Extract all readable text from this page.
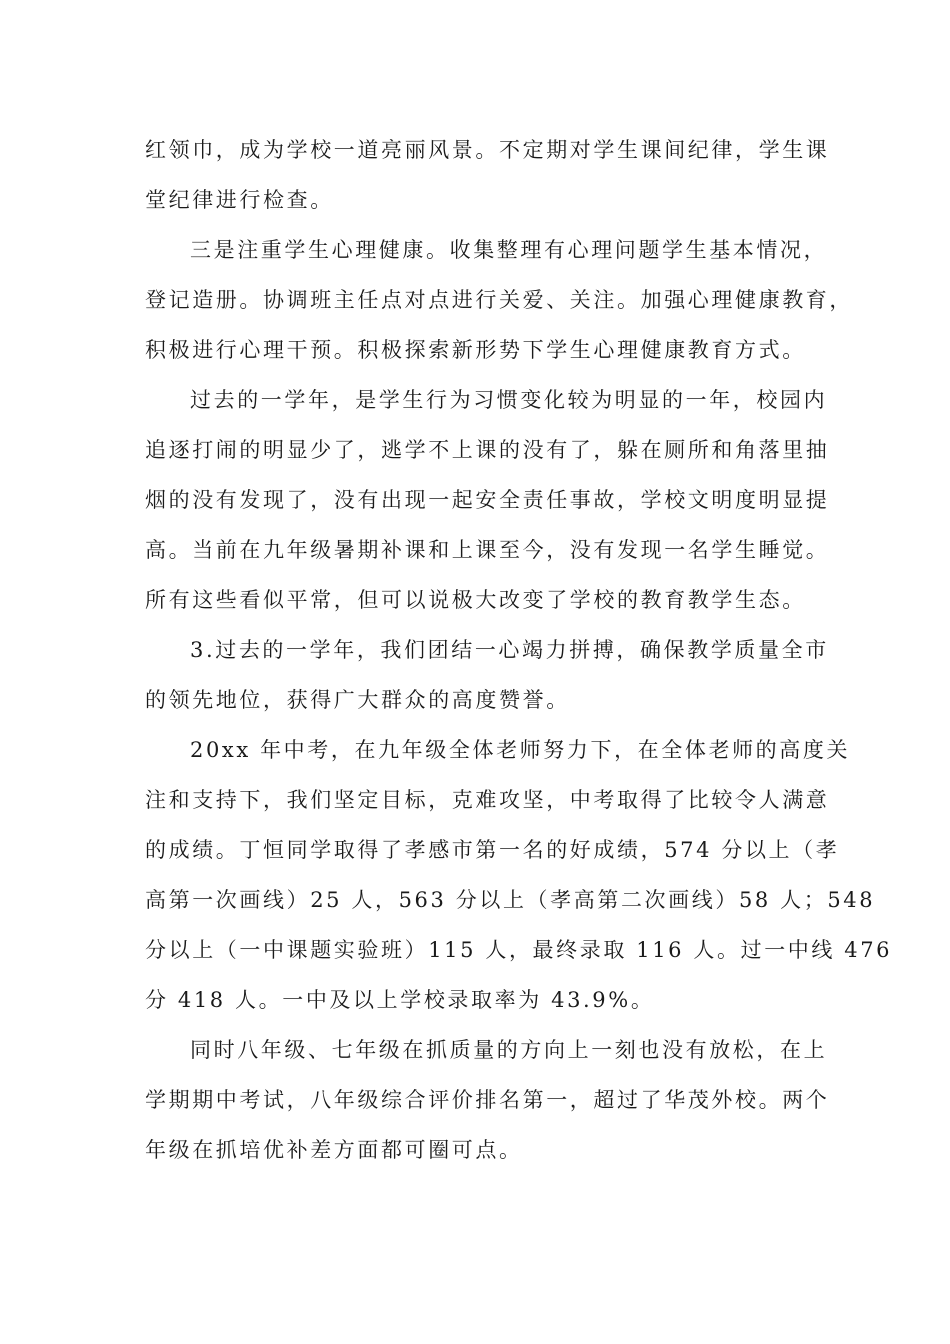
红领巾，成为学校一道亮丽风景。不定期对学生课间纪律，学生课
堂纪律进行检查。
三是注重学生心理健康。收集整理有心理问题学生基本情况，
登记造册。协调班主任点对点进行关爱、关注。加强心理健康教育，
积极进行心理干预。积极探索新形势下学生心理健康教育方式。
过去的一学年，是学生行为习惯变化较为明显的一年，校园内
追逐打闹的明显少了，逃学不上课的没有了，躲在厕所和角落里抽
烟的没有发现了，没有出现一起安全责任事故，学校文明度明显提
高。当前在九年级暑期补课和上课至今，没有发现一名学生睡觉。
所有这些看似平常，但可以说极大改变了学校的教育教学生态。
3.过去的一学年，我们团结一心竭力拼搏，确保教学质量全市
的领先地位，获得广大群众的高度赞誉。
20xx 年中考，在九年级全体老师努力下，在全体老师的高度关
注和支持下，我们坚定目标，克难攻坚，中考取得了比较令人满意
的成绩。丁恒同学取得了孝感市第一名的好成绩，574 分以上（孝
高第一次画线）25 人，563 分以上（孝高第二次画线）58 人；548
分以上（一中课题实验班）115 人，最终录取 116 人。过一中线 476
分 418 人。一中及以上学校录取率为 43.9%。
同时八年级、七年级在抓质量的方向上一刻也没有放松，在上
学期期中考试，八年级综合评价排名第一，超过了华茂外校。两个
年级在抓培优补差方面都可圈可点。
